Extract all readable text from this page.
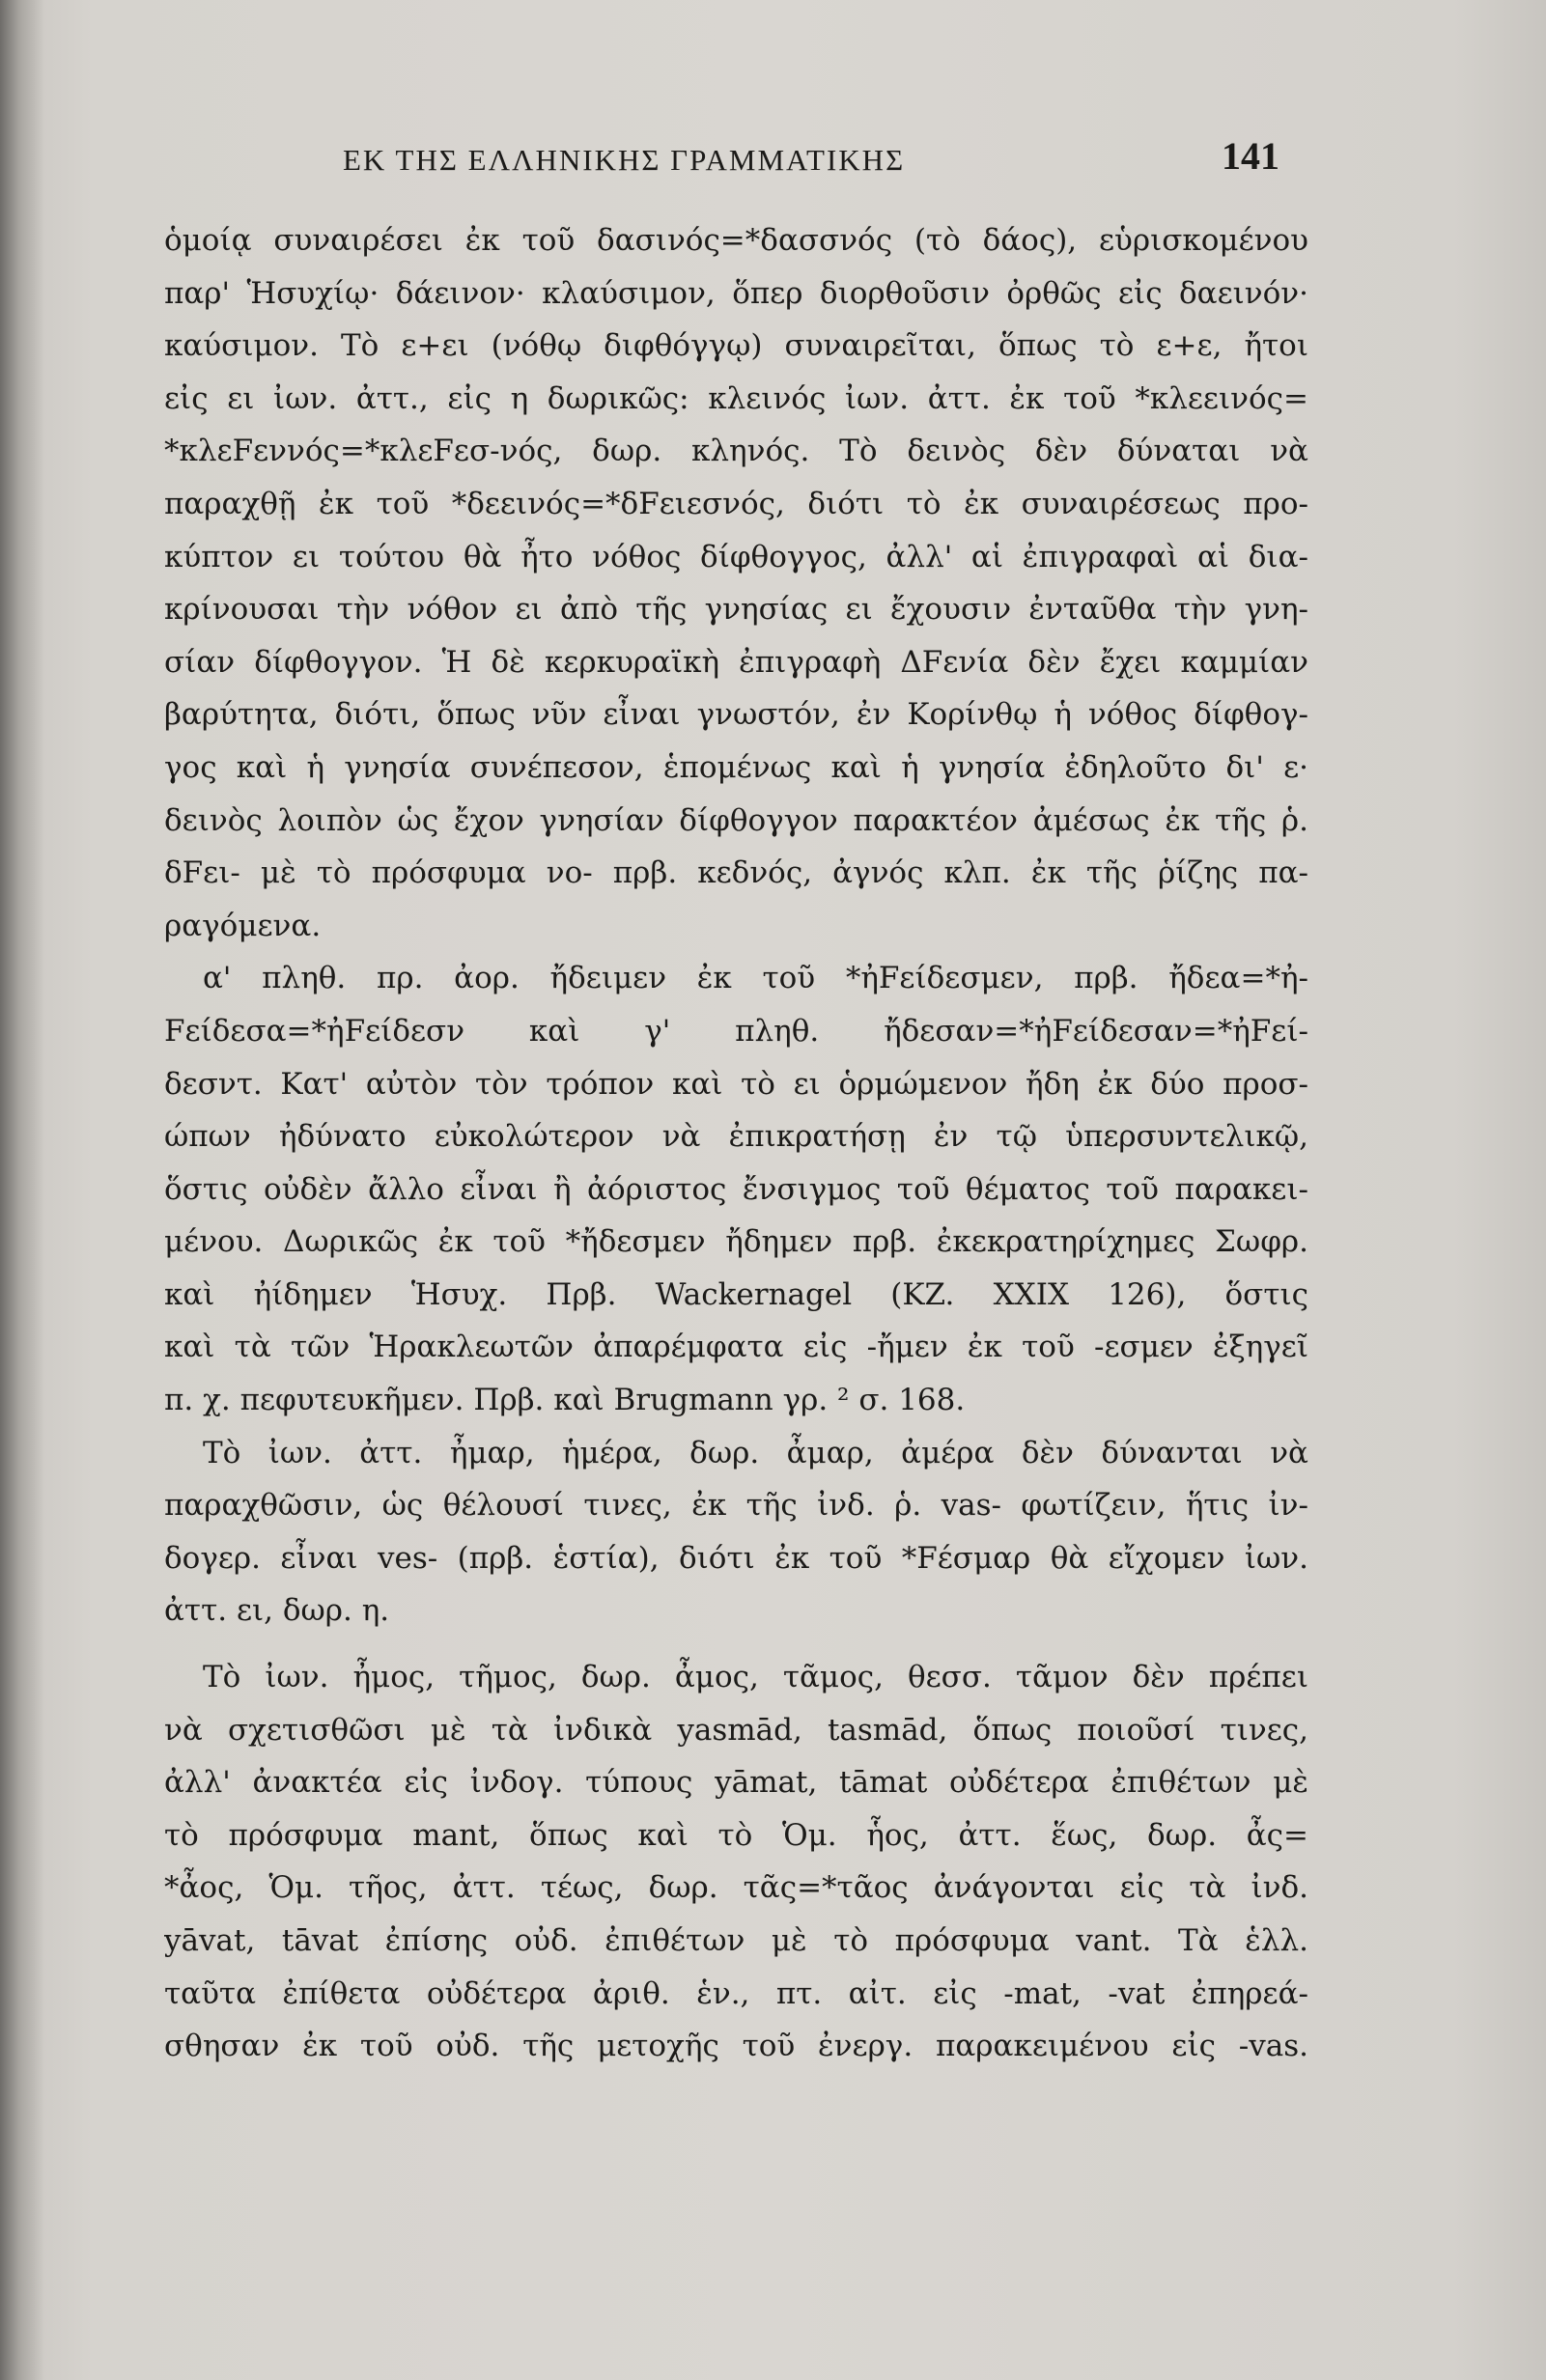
ΕΚ ΤΗΣ ΕΛΛΗΝΙΚΗΣ ΓΡΑΜΜΑΤΙΚΗΣ	141
ὁμοίᾳ συναιρέσει ἐκ τοῦ δασινός=*δασσνός (τὸ δάος), εὑρισκομένου
παρ' Ἡσυχίῳ· δάεινον· κλαύσιμον, ὅπερ διορθοῦσιν ὀρθῶς εἰς δαεινόν·
καύσιμον. Τὸ ε+ει (νόθῳ διφθόγγῳ) συναιρεῖται, ὅπως τὸ ε+ε, ἤτοι
εἰς ει ἰων. ἀττ., εἰς η δωρικῶς: κλεινός ἰων. ἀττ. ἐκ τοῦ *κλεεινός=
*κλεFεννός=*κλεFεσ-νός, δωρ. κληνός. Τὸ δεινὸς δὲν δύναται νὰ
παραχθῇ ἐκ τοῦ *δεεινός=*δFειεσνός, διότι τὸ ἐκ συναιρέσεως προ-
κύπτον ει τούτου θὰ ἦτο νόθος δίφθογγος, ἀλλ' αἱ ἐπιγραφαὶ αἱ δια-
κρίνουσαι τὴν νόθον ει ἀπὸ τῆς γνησίας ει ἔχουσιν ἐνταῦθα τὴν γνη-
σίαν δίφθογγον. Ἡ δὲ κερκυραϊκὴ ἐπιγραφὴ ΔFενία δὲν ἔχει καμμίαν
βαρύτητα, διότι, ὅπως νῦν εἶναι γνωστόν, ἐν Κορίνθῳ ἡ νόθος δίφθογ-
γος καὶ ἡ γνησία συνέπεσον, ἑπομένως καὶ ἡ γνησία ἐδηλοῦτο δι' ε·
δεινὸς λοιπὸν ὡς ἔχον γνησίαν δίφθογγον παρακτέον ἀμέσως ἐκ τῆς ῥ.
δFει- μὲ τὸ πρόσφυμα νο- πρβ. κεδνός, ἀγνός κλπ. ἐκ τῆς ῥίζης πα-
ραγόμενα.
α' πληθ. πρ. ἀορ. ἤδειμεν ἐκ τοῦ *ἠFείδεσμεν, πρβ. ἤδεα=*ἠ-
Fείδεσα=*ἠFείδεσν καὶ γ' πληθ. ἤδεσαν=*ἠFείδεσαν=*ἠFεί-
δεσντ. Κατ' αὐτὸν τὸν τρόπον καὶ τὸ ει ὁρμώμενον ἤδη ἐκ δύο προσ-
ώπων ἠδύνατο εὐκολώτερον νὰ ἐπικρατήσῃ ἐν τῷ ὑπερσυντελικῷ,
ὅστις οὐδὲν ἄλλο εἶναι ἢ ἀόριστος ἔνσιγμος τοῦ θέματος τοῦ παρακει-
μένου. Δωρικῶς ἐκ τοῦ *ἤδεσμεν ἤδημεν πρβ. ἐκεκρατηρίχημες Σωφρ.
καὶ ἠίδημεν Ἡσυχ. Πρβ. Wackernagel (KZ. XXIX 126), ὅστις
καὶ τὰ τῶν Ἡρακλεωτῶν ἀπαρέμφατα εἰς -ἤμεν ἐκ τοῦ -εσμεν ἐξηγεῖ
π. χ. πεφυτευκῆμεν. Πρβ. καὶ Brugmann γρ. ² σ. 168.
Τὸ ἰων. ἀττ. ἦμαρ, ἡμέρα, δωρ. ἆμαρ, ἀμέρα δὲν δύνανται νὰ
παραχθῶσιν, ὡς θέλουσί τινες, ἐκ τῆς ἰνδ. ῥ. vas- φωτίζειν, ἥτις ἰν-
δογερ. εἶναι ves- (πρβ. ἑστία), διότι ἐκ τοῦ *Fέσμαρ θὰ εἴχομεν ἰων.
ἀττ. ει, δωρ. η.
Τὸ ἰων. ἦμος, τῆμος, δωρ. ἆμος, τᾶμος, θεσσ. τᾶμον δὲν πρέπει
νὰ σχετισθῶσι μὲ τὰ ἰνδικὰ yasmād, tasmād, ὅπως ποιοῦσί τινες,
ἀλλ' ἀνακτέα εἰς ἰνδογ. τύπους yāmat, tāmat οὐδέτερα ἐπιθέτων μὲ
τὸ πρόσφυμα mant, ὅπως καὶ τὸ Ὁμ. ἧος, ἀττ. ἕως, δωρ. ἆς=
*ἆος, Ὁμ. τῆος, ἀττ. τέως, δωρ. τᾶς=*τᾶος ἀνάγονται εἰς τὰ ἰνδ.
yāvat, tāvat ἐπίσης οὐδ. ἐπιθέτων μὲ τὸ πρόσφυμα vant. Τὰ ἑλλ.
ταῦτα ἐπίθετα οὐδέτερα ἀριθ. ἑν., πτ. αἰτ. εἰς -mat, -vat ἐπηρεά-
σθησαν ἐκ τοῦ οὐδ. τῆς μετοχῆς τοῦ ἐνεργ. παρακειμένου εἰς -vas.
